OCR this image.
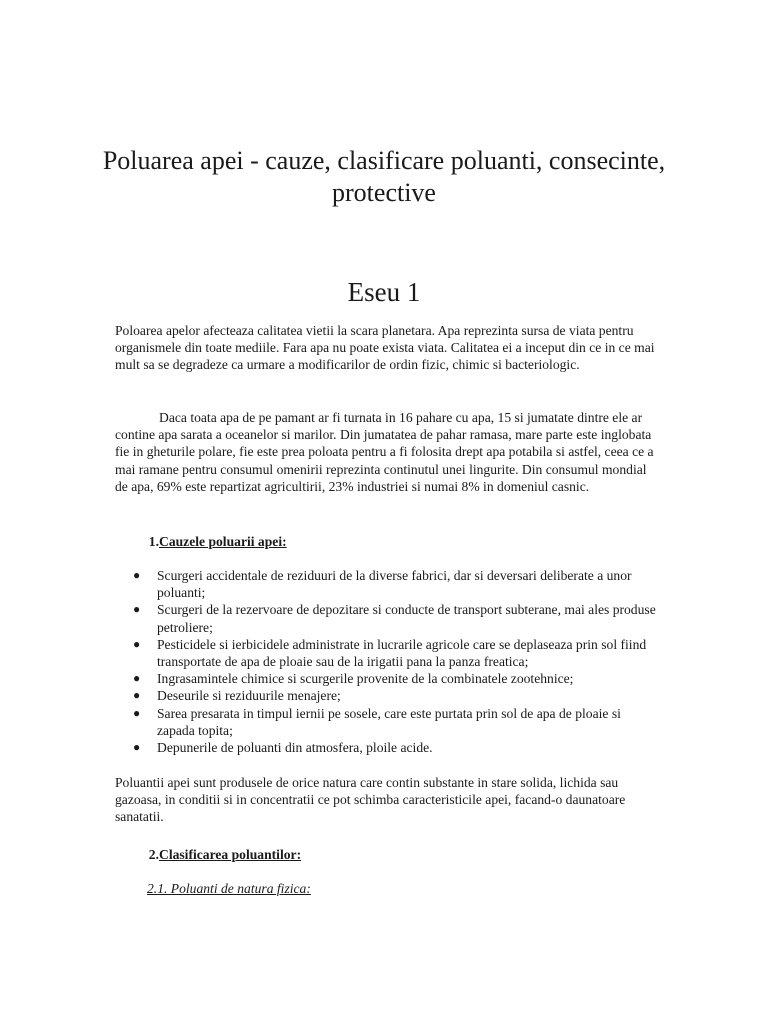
Poluarea apei - cauze, clasificare poluanti, consecinte, protective
Eseu 1

Poloarea apelor afecteaza calitatea vietii la scara planetara. Apa reprezinta sursa de viata pentru organismele din toate mediile. Fara apa nu poate exista viata. Calitatea ei a inceput din ce in ce mai mult sa se degradeze ca urmare a modificarilor de ordin fizic, chimic si bacteriologic.

Daca toata apa de pe pamant ar fi turnata in 16 pahare cu apa, 15 si jumatate dintre ele ar contine apa sarata a oceanelor si marilor. Din jumatatea de pahar ramasa, mare parte este inglobata fie in gheturile polare, fie este prea poloata pentru a fi folosita drept apa potabila si astfel, ceea ce a mai ramane pentru consumul omenirii reprezinta continutul unei lingurite. Din consumul mondial de apa, 69% este repartizat agricultirii, 23% industriei si numai 8% in domeniul casnic.

1. Cauzele poluarii apei:
●	Scurgeri accidentale de reziduuri de la diverse fabrici, dar si deversari deliberate a unor poluanti;
●	Scurgeri de la rezervoare de depozitare si conducte de transport subterane, mai ales produse petroliere;
●	Pesticidele si ierbicidele administrate in lucrarile agricole care se deplaseaza prin sol fiind transportate de apa de ploaie sau de la irigatii pana la panza freatica;
●	Ingrasamintele chimice si scurgerile provenite de la combinatele zootehnice;
●	Deseurile si reziduurile menajere;
●	Sarea presarata in timpul iernii pe sosele, care este purtata prin sol de apa de ploaie si zapada topita;
●	Depunerile de poluanti din atmosfera, ploile acide.

Poluantii apei sunt produsele de orice natura care contin substante in stare solida, lichida sau gazoasa, in conditii si in concentratii ce pot schimba caracteristicile apei, facand-o daunatoare sanatatii.

2. Clasificarea poluantilor:
2.1. Poluanti de natura fizica:
